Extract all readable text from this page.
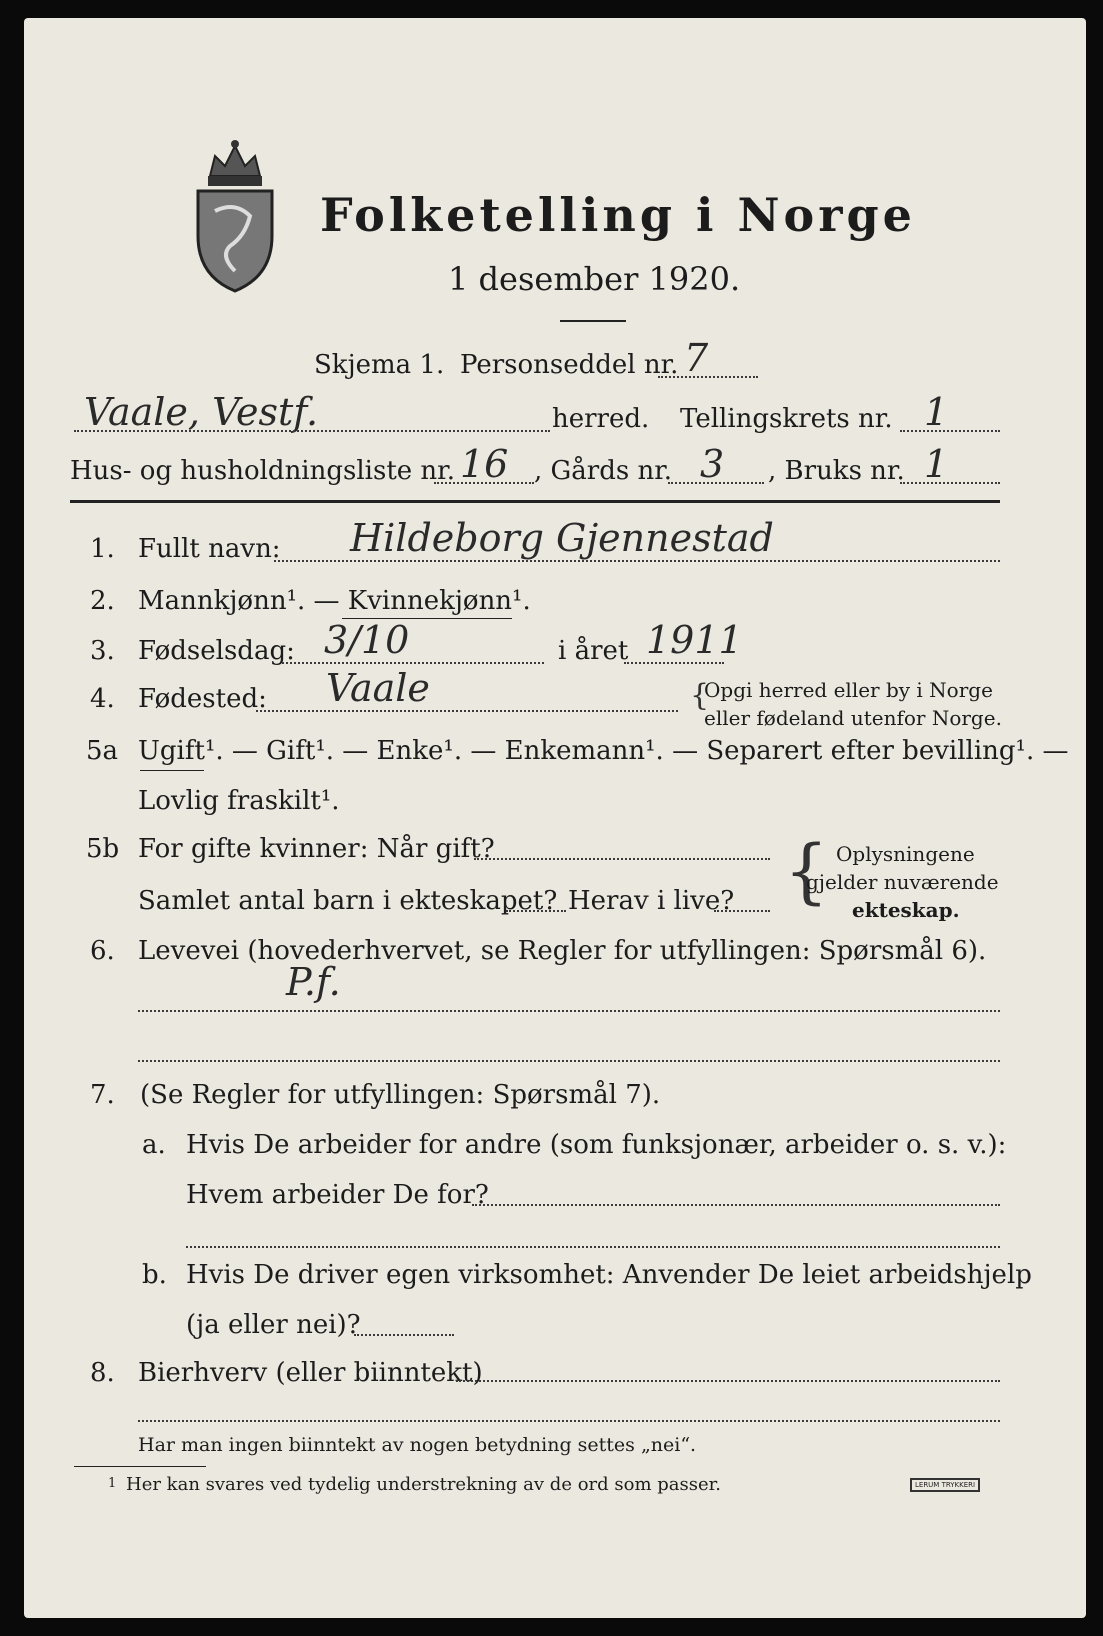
Folketelling i Norge
1 desember 1920.
Skjema 1. Personseddel nr. 7
Vaale, Vestf.	herred. Tellingskrets nr. 1
Hus- og husholdningsliste nr. 16 , Gårds nr. 3 , Bruks nr. 1
1. Fullt navn: Hildeborg Gjennestad
2. Mannkjønn¹. — Kvinnekjønn¹.
3. Fødselsdag: 3/10	i året 1911
4. Fødested: Vaale	{
Opgi herred eller by i Norge
eller fødeland utenfor Norge.
5a Ugift¹. — Gift¹. — Enke¹. — Enkemann¹. — Separert efter bevilling¹. —
Lovlig fraskilt¹.
5b For gifte kvinner: Når gift?
Samlet antal barn i ekteskapet? Herav i live? { Oplysningene
gjelder nuværende
ekteskap.
6. Levevei (hovederhvervet, se Regler for utfyllingen: Spørsmål 6).
P.f.
7. (Se Regler for utfyllingen: Spørsmål 7).
a. Hvis De arbeider for andre (som funksjonær, arbeider o. s. v.):
Hvem arbeider De for?
b. Hvis De driver egen virksomhet: Anvender De leiet arbeidshjelp
(ja eller nei)?
8. Bierhverv (eller biinntekt)
Har man ingen biinntekt av nogen betydning settes „nei“.
1 Her kan svares ved tydelig understrekning av de ord som passer.	LERUM TRYKKERI
